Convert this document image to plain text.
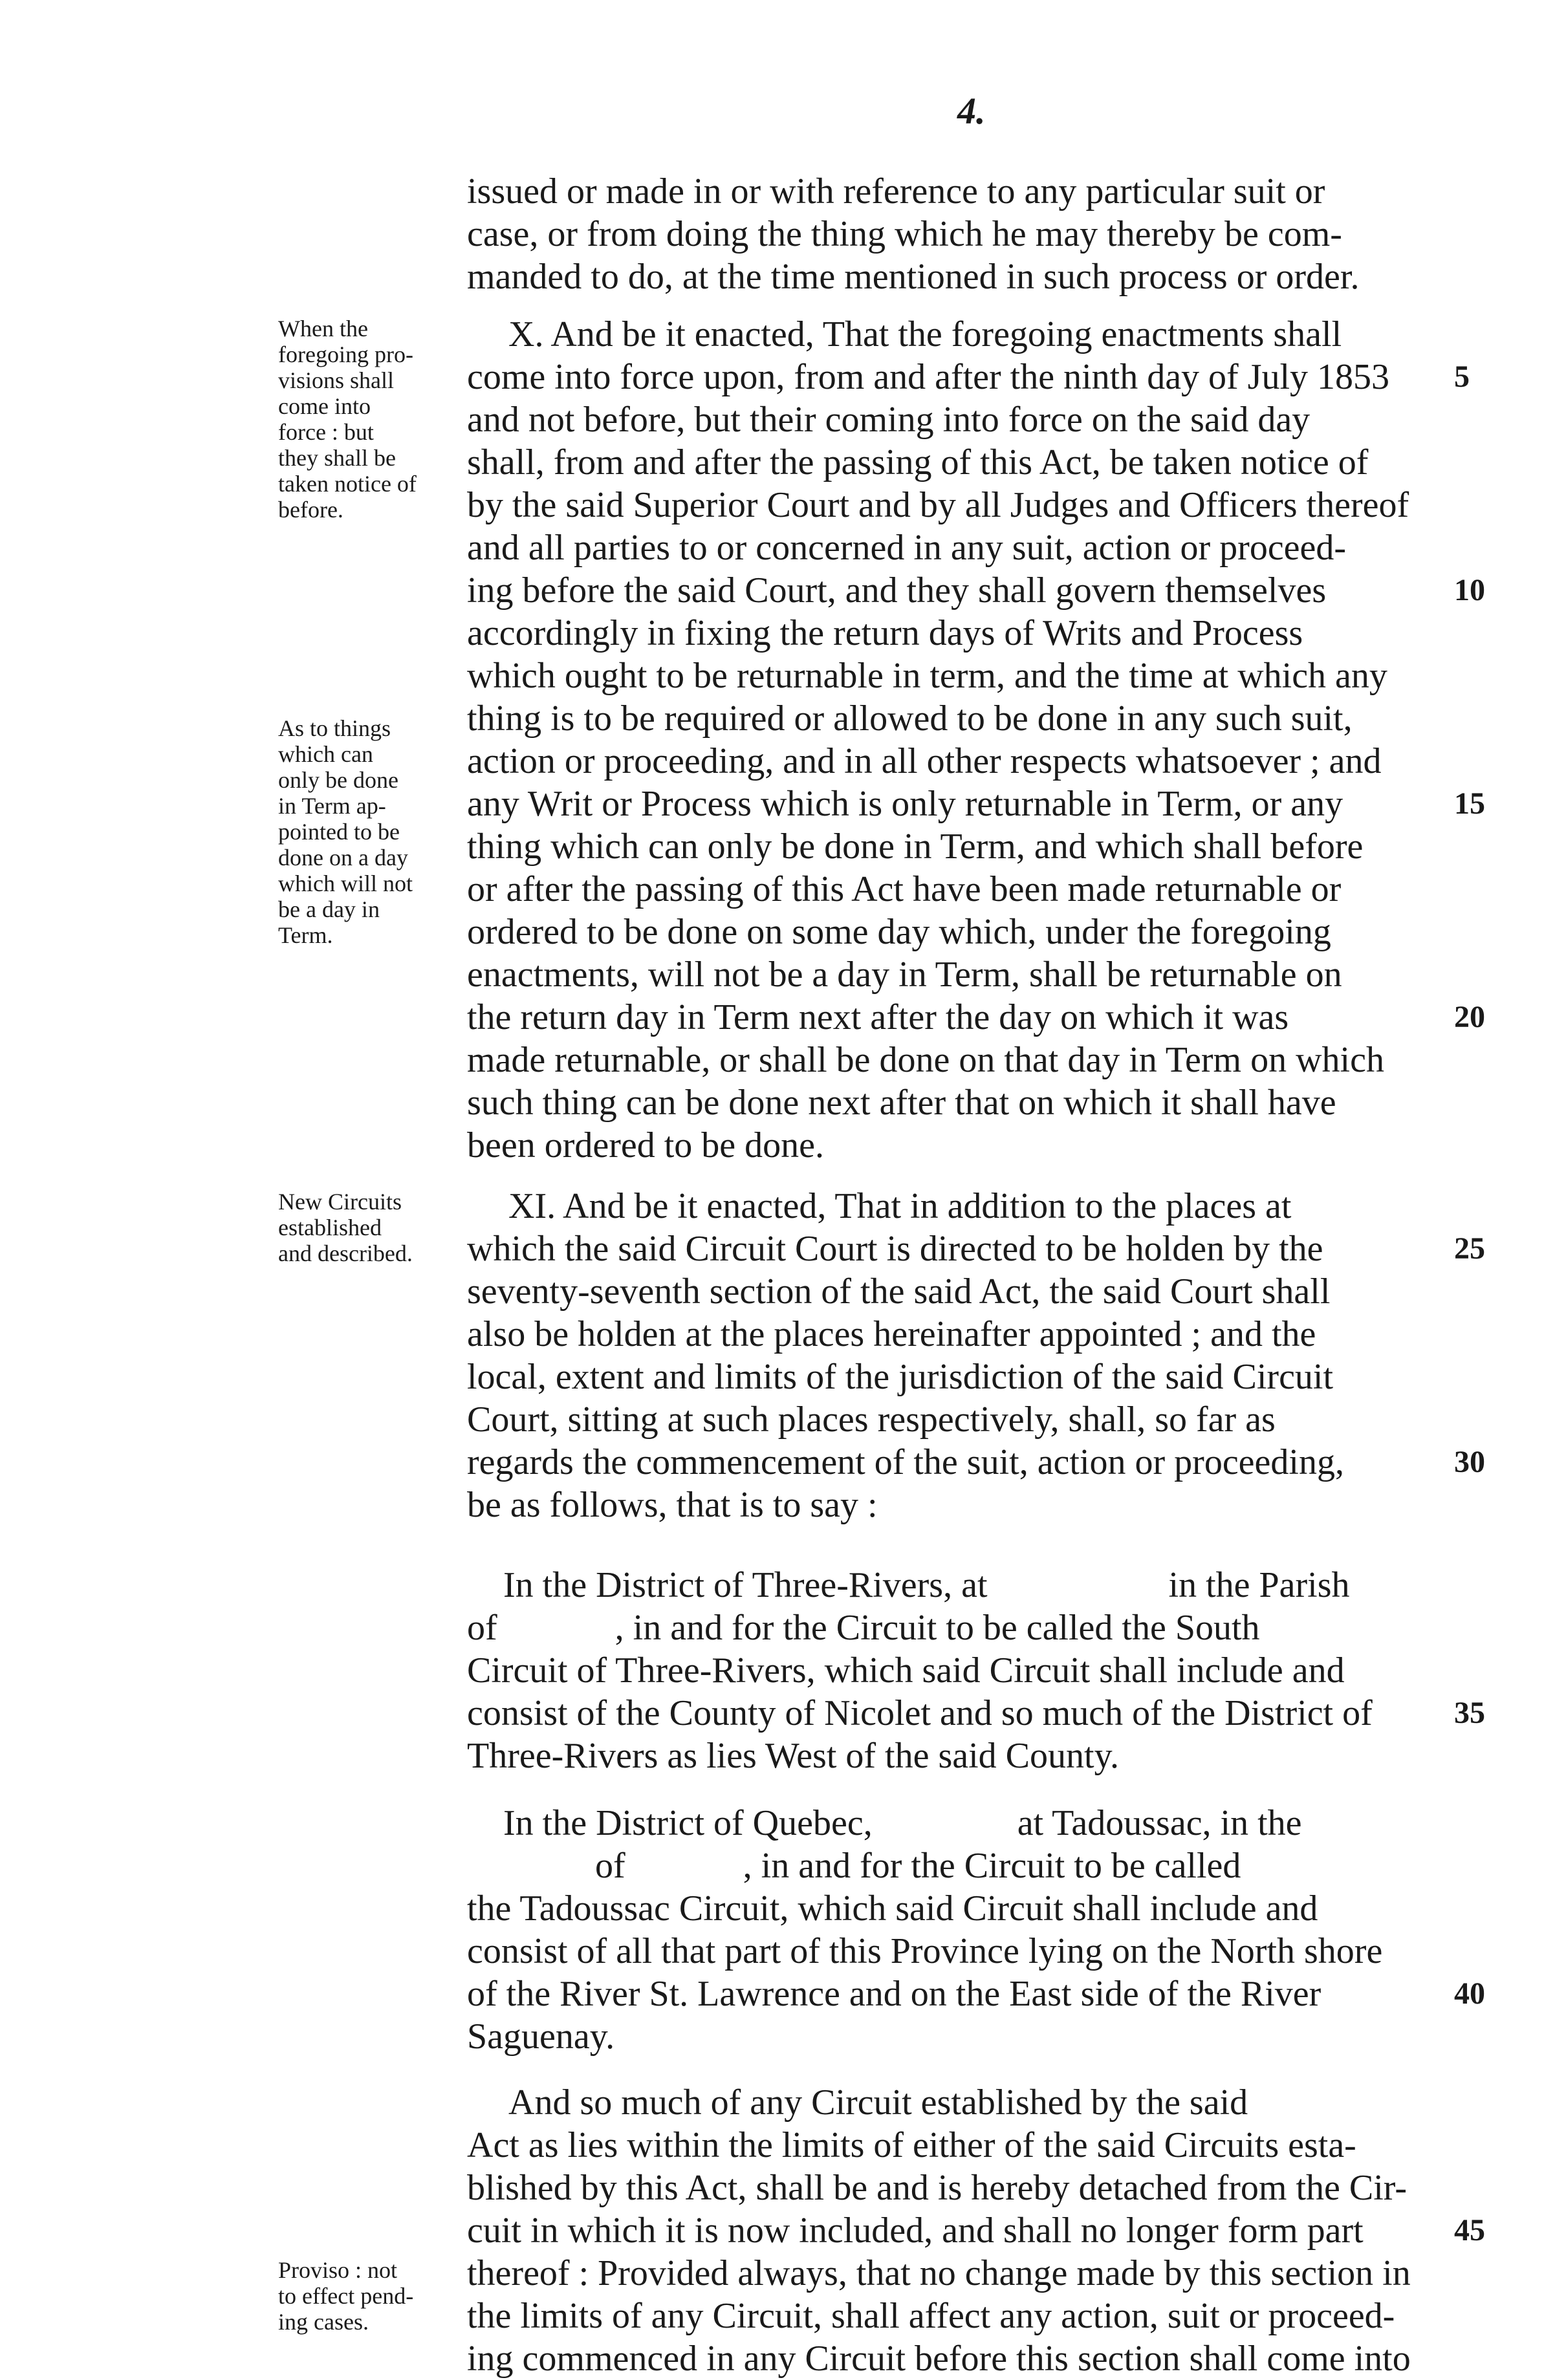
4.
issued or made in or with reference to any particular suit or
case, or from doing the thing which he may thereby be com-
manded to do, at the time mentioned in such process or order.
X. And be it enacted, That the foregoing enactments shall
come into force upon, from and after the ninth day of July 1853
and not before, but their coming into force on the said day
shall, from and after the passing of this Act, be taken notice of
by the said Superior Court and by all Judges and Officers thereof
and all parties to or concerned in any suit, action or proceed-
ing before the said Court, and they shall govern themselves
accordingly in fixing the return days of Writs and Process
which ought to be returnable in term, and the time at which any
thing is to be required or allowed to be done in any such suit,
action or proceeding, and in all other respects whatsoever ; and
any Writ or Process which is only returnable in Term, or any
thing which can only be done in Term, and which shall before
or after the passing of this Act have been made returnable or
ordered to be done on some day which, under the foregoing
enactments, will not be a day in Term, shall be returnable on
the return day in Term next after the day on which it was
made returnable, or shall be done on that day in Term on which
such thing can be done next after that on which it shall have
been ordered to be done.
XI. And be it enacted, That in addition to the places at
which the said Circuit Court is directed to be holden by the
seventy-seventh section of the said Act, the said Court shall
also be holden at the places hereinafter appointed ; and the
local, extent and limits of the jurisdiction of the said Circuit
Court, sitting at such places respectively, shall, so far as
regards the commencement of the suit, action or proceeding,
be as follows, that is to say :
In the District of Three-Rivers, at                    in the Parish
of             , in and for the Circuit to be called the South
Circuit of Three-Rivers, which said Circuit shall include and
consist of the County of Nicolet and so much of the District of
Three-Rivers as lies West of the said County.
In the District of Quebec,                at Tadoussac, in the
of             , in and for the Circuit to be called
the Tadoussac Circuit, which said Circuit shall include and
consist of all that part of this Province lying on the North shore
of the River St. Lawrence and on the East side of the River
Saguenay.
And so much of any Circuit established by the said
Act as lies within the limits of either of the said Circuits esta-
blished by this Act, shall be and is hereby detached from the Cir-
cuit in which it is now included, and shall no longer form part
thereof : Provided always, that no change made by this section in
the limits of any Circuit, shall affect any action, suit or proceed-
ing commenced in any Circuit before this section shall come into
5
10
15
20
25
30
35
40
45
When the
foregoing pro-
visions shall
come into
force : but
they shall be
taken notice of
before.
As to things
which can
only be done
in Term ap-
pointed to be
done on a day
which will not
be a day in
Term.
New Circuits
established
and described.
Proviso : not
to effect pend-
ing cases.
